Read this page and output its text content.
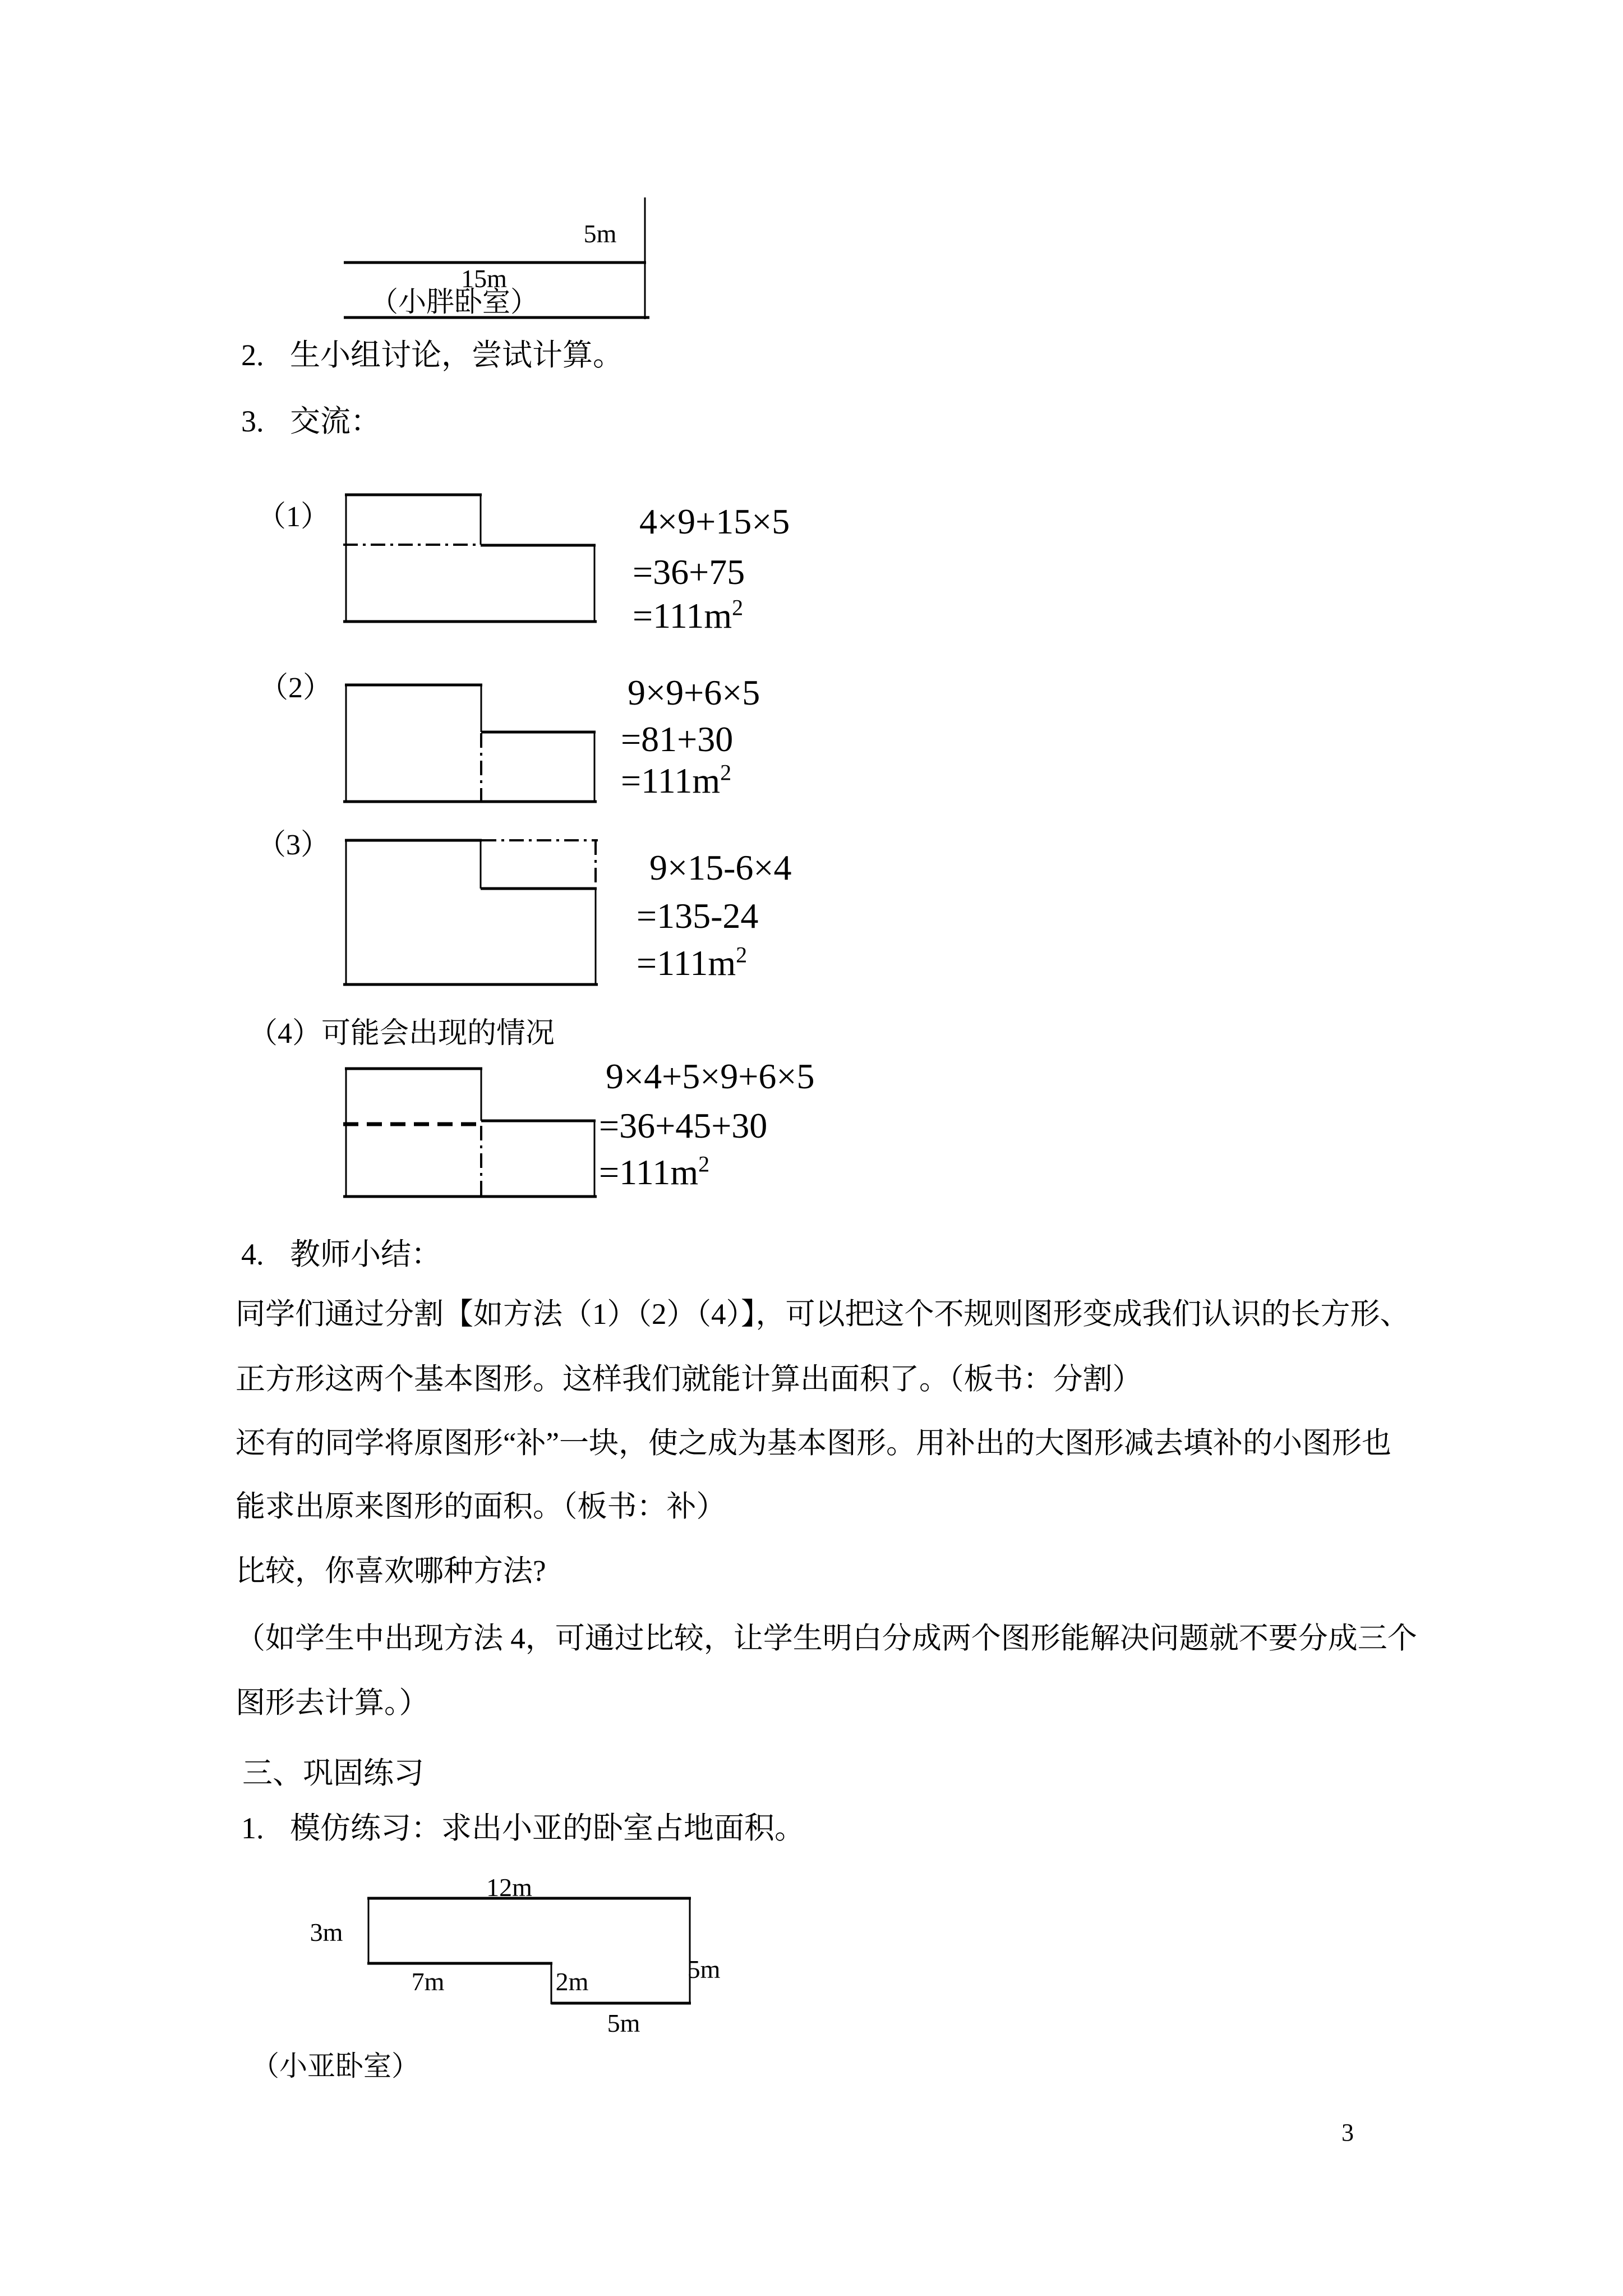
5m
15m
（小胖卧室）
2. 生小组讨论，尝试计算。
3. 交流：
（1）	4×9+15×5
=36+75
$=111m^2$
（2）	9×9+6×5
=81+30
$=111m^2$
（3）
9×15-6×4
=135-24
$=111m^2$
（4）可能会出现的情况
9×4+5×9+6×5
=36+45+30
$=111m^2$
4. 教师小结：
同学们通过分割【如方法（1）（2）（4）】，可以把这个不规则图形变成我们认识的长方形、
正方形这两个基本图形。这样我们就能计算出面积了。（板书：分割）
还有的同学将原图形“补”一块，使之成为基本图形。用补出的大图形减去填补的小图形也
能求出原来图形的面积。（板书：补）
比较，你喜欢哪种方法?
（如学生中出现方法 4，可通过比较，让学生明白分成两个图形能解决问题就不要分成三个
图形去计算。）
三、巩固练习
1. 模仿练习：求出小亚的卧室占地面积。
12m
3m
7m	2m	5m
5m
（小亚卧室）
3
